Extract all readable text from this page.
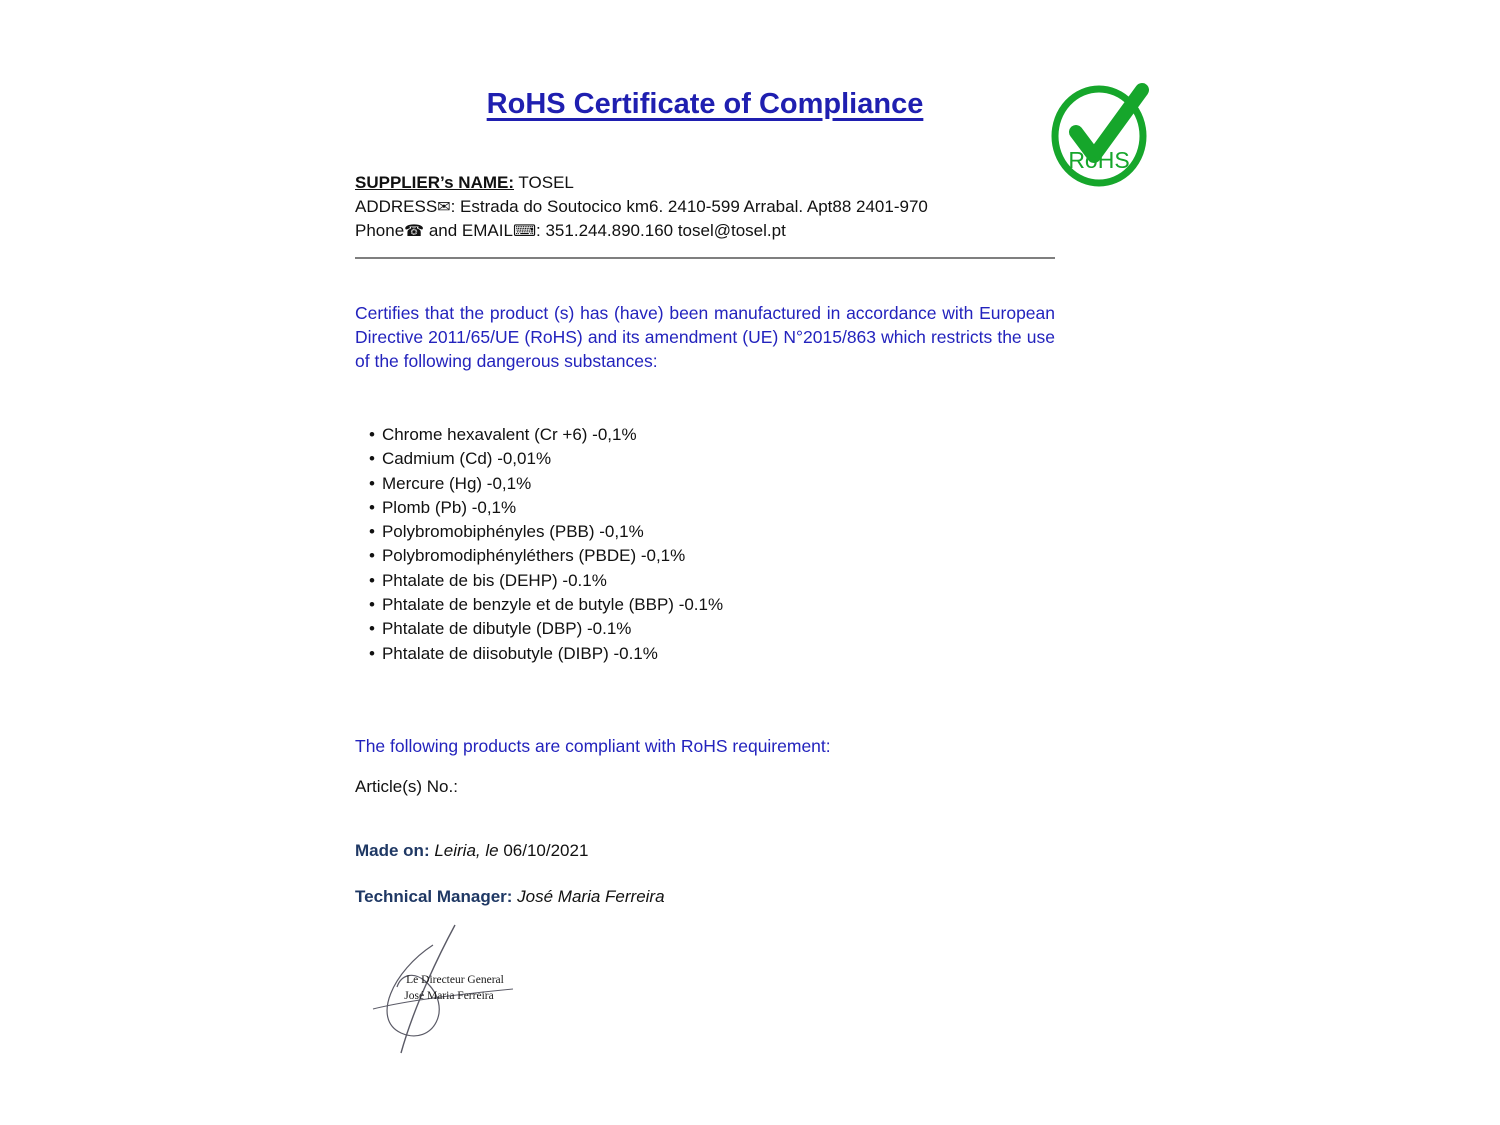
RoHS
RoHS Certificate of Compliance
SUPPLIER’s NAME: TOSEL
ADDRESS✉: Estrada do Soutocico km6. 2410-599 Arrabal. Apt88 2401-970
Phone☎ and EMAIL⌨: 351.244.890.160 tosel@tosel.pt
Certifies that the product (s) has (have) been manufactured in accordance with European Directive 2011/65/UE (RoHS) and its amendment (UE) N°2015/863 which restricts the use of the following dangerous substances:
• Chrome hexavalent (Cr +6) -0,1%
• Cadmium (Cd) -0,01%
• Mercure (Hg) -0,1%
• Plomb (Pb) -0,1%
• Polybromobiphényles (PBB) -0,1%
• Polybromodiphényléthers (PBDE) -0,1%
• Phtalate de bis (DEHP) -0.1%
• Phtalate de benzyle et de butyle (BBP) -0.1%
• Phtalate de dibutyle (DBP) -0.1%
• Phtalate de diisobutyle (DIBP) -0.1%
The following products are compliant with RoHS requirement:
Article(s) No.:
Made on: Leiria, le 06/10/2021
Technical Manager: José Maria Ferreira
Le Directeur General
José Maria Ferreira
